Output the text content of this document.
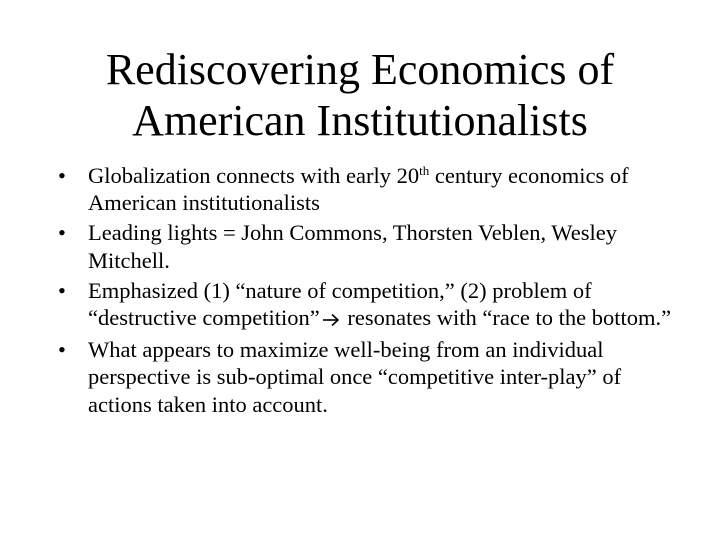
Rediscovering Economics of
American Institutionalists
• Globalization connects with early 20th century economics of American institutionalists
• Leading lights = John Commons, Thorsten Veblen, Wesley Mitchell.
• Emphasized (1) “nature of competition,” (2) problem of “destructive competition” resonates with “race to the bottom.”
• What appears to maximize well-being from an individual perspective is sub-optimal once “competitive inter-play” of actions taken into account.
